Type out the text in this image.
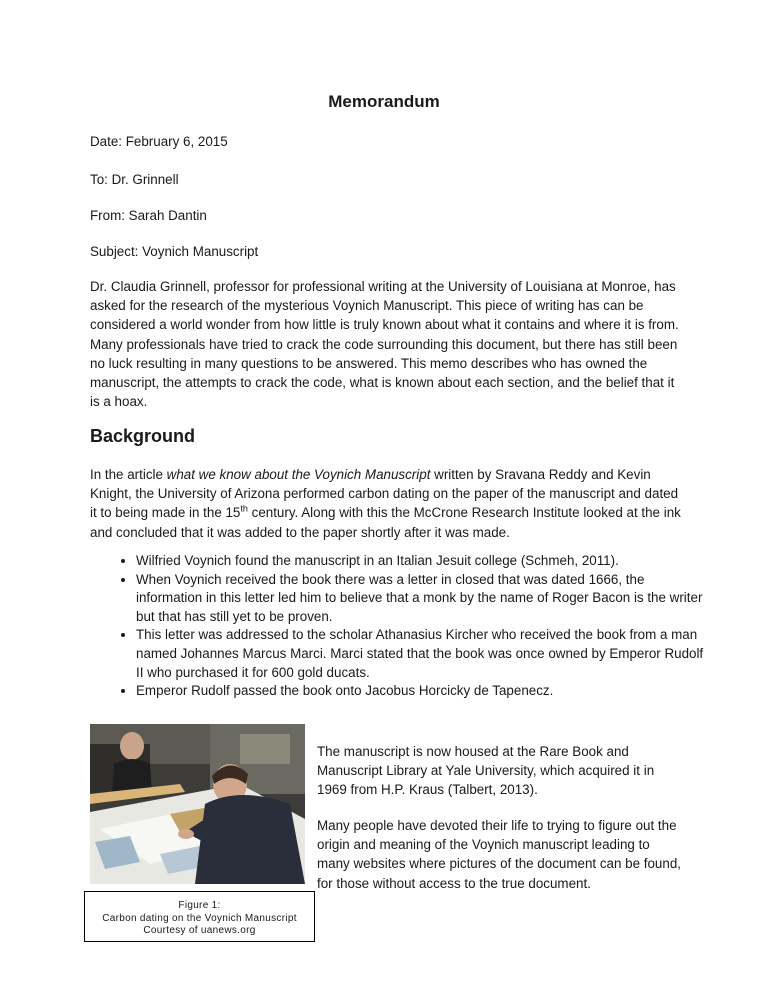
Memorandum

Date: February 6, 2015

To: Dr. Grinnell

From: Sarah Dantin

Subject: Voynich Manuscript

Dr. Claudia Grinnell, professor for professional writing at the University of Louisiana at Monroe, has asked for the research of the mysterious Voynich Manuscript. This piece of writing has can be considered a world wonder from how little is truly known about what it contains and where it is from. Many professionals have tried to crack the code surrounding this document, but there has still been no luck resulting in many questions to be answered. This memo describes who has owned the manuscript, the attempts to crack the code, what is known about each section, and the belief that it is a hoax.

Background

In the article what we know about the Voynich Manuscript written by Sravana Reddy and Kevin Knight, the University of Arizona performed carbon dating on the paper of the manuscript and dated it to being made in the 15th century. Along with this the McCrone Research Institute looked at the ink and concluded that it was added to the paper shortly after it was made.

• Wilfried Voynich found the manuscript in an Italian Jesuit college (Schmeh, 2011).
• When Voynich received the book there was a letter in closed that was dated 1666, the information in this letter led him to believe that a monk by the name of Roger Bacon is the writer but that has still yet to be proven.
• This letter was addressed to the scholar Athanasius Kircher who received the book from a man named Johannes Marcus Marci. Marci stated that the book was once owned by Emperor Rudolf II who purchased it for 600 gold ducats.
• Emperor Rudolf passed the book onto Jacobus Horcicky de Tapenecz.
Figure 1:
Carbon dating on the Voynich Manuscript
Courtesy of uanews.org

The manuscript is now housed at the Rare Book and Manuscript Library at Yale University, which acquired it in 1969 from H.P. Kraus (Talbert, 2013).

Many people have devoted their life to trying to figure out the origin and meaning of the Voynich manuscript leading to many websites where pictures of the document can be found, for those without access to the true document.
